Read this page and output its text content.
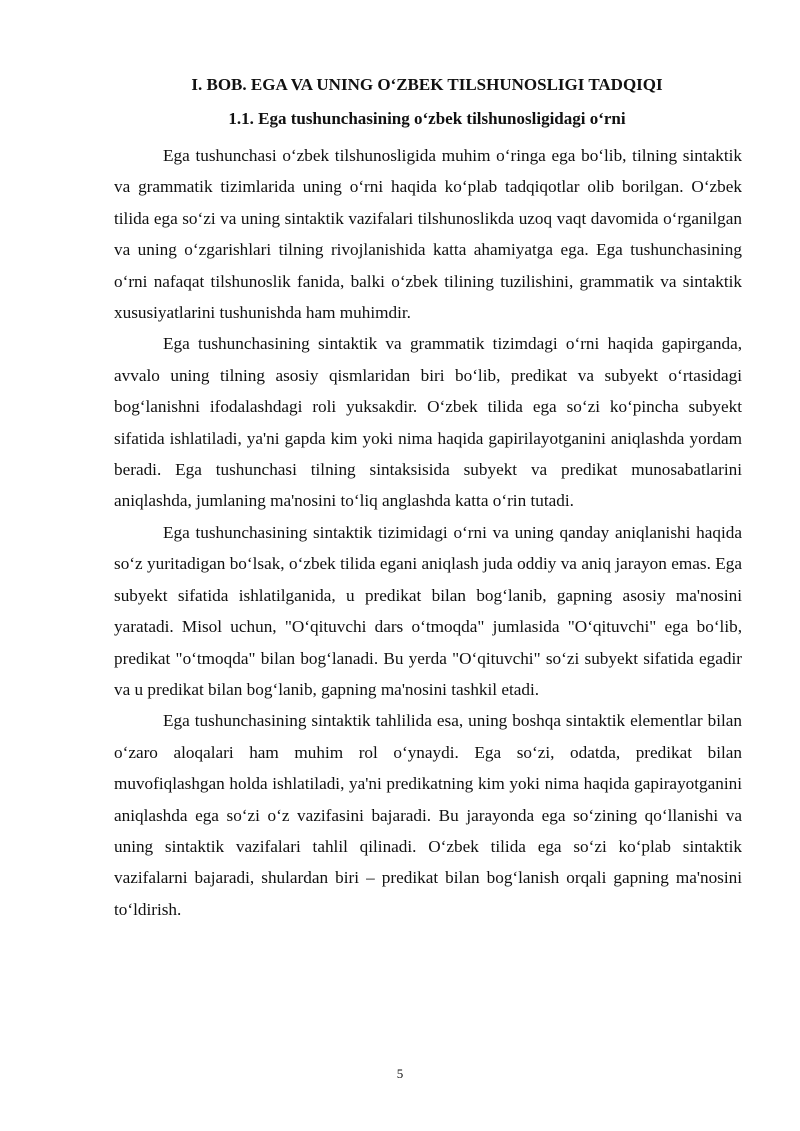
I. BOB. EGA VA UNING O‘ZBEK TILSHUNOSLIGI TADQIQI
1.1. Ega tushunchasining o‘zbek tilshunosligidagi o‘rni

Ega tushunchasi o‘zbek tilshunosligida muhim o‘ringa ega bo‘lib, tilning sintaktik va grammatik tizimlarida uning o‘rni haqida ko‘plab tadqiqotlar olib borilgan. O‘zbek tilida ega so‘zi va uning sintaktik vazifalari tilshunoslikda uzoq vaqt davomida o‘rganilgan va uning o‘zgarishlari tilning rivojlanishida katta ahamiyatga ega. Ega tushunchasining o‘rni nafaqat tilshunoslik fanida, balki o‘zbek tilining tuzilishini, grammatik va sintaktik xususiyatlarini tushunishda ham muhimdir.

Ega tushunchasining sintaktik va grammatik tizimdagi o‘rni haqida gapirganda, avvalo uning tilning asosiy qismlaridan biri bo‘lib, predikat va subyekt o‘rtasidagi bog‘lanishni ifodalashdagi roli yuksakdir. O‘zbek tilida ega so‘zi ko‘pincha subyekt sifatida ishlatiladi, ya'ni gapda kim yoki nima haqida gapirilayotganini aniqlashda yordam beradi. Ega tushunchasi tilning sintaksisida subyekt va predikat munosabatlarini aniqlashda, jumlaning ma'nosini to‘liq anglashda katta o‘rin tutadi.

Ega tushunchasining sintaktik tizimidagi o‘rni va uning qanday aniqlanishi haqida so‘z yuritadigan bo‘lsak, o‘zbek tilida egani aniqlash juda oddiy va aniq jarayon emas. Ega subyekt sifatida ishlatilganida, u predikat bilan bog‘lanib, gapning asosiy ma'nosini yaratadi. Misol uchun, "O‘qituvchi dars o‘tmoqda" jumlasida "O‘qituvchi" ega bo‘lib, predikat "o‘tmoqda" bilan bog‘lanadi. Bu yerda "O‘qituvchi" so‘zi subyekt sifatida egadir va u predikat bilan bog‘lanib, gapning ma'nosini tashkil etadi.

Ega tushunchasining sintaktik tahlilida esa, uning boshqa sintaktik elementlar bilan o‘zaro aloqalari ham muhim rol o‘ynaydi. Ega so‘zi, odatda, predikat bilan muvofiqlashgan holda ishlatiladi, ya'ni predikatning kim yoki nima haqida gapirayotganini aniqlashda ega so‘zi o‘z vazifasini bajaradi. Bu jarayonda ega so‘zining qo‘llanishi va uning sintaktik vazifalari tahlil qilinadi. O‘zbek tilida ega so‘zi ko‘plab sintaktik vazifalarni bajaradi, shulardan biri – predikat bilan bog‘lanish orqali gapning ma'nosini to‘ldirish.

5
